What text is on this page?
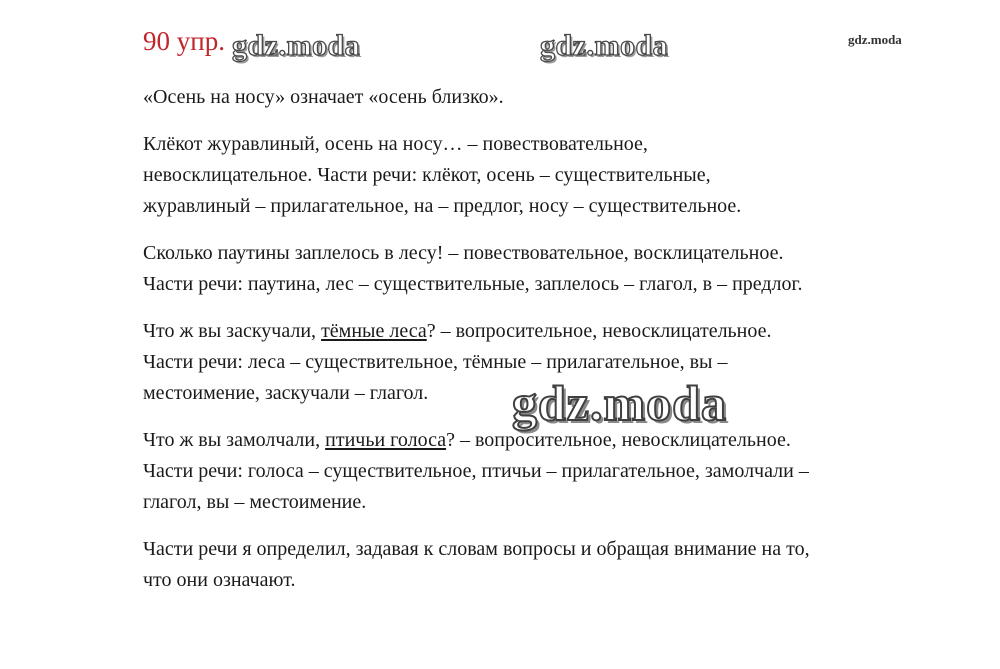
90 упр.
«Осень на носу» означает «осень близко».
Клёкот журавлиный, осень на носу… – повествовательное,
невосклицательное. Части речи: клёкот, осень – существительные,
журавлиный – прилагательное, на – предлог, носу – существительное.
Сколько паутины заплелось в лесу! – повествовательное, восклицательное.
Части речи: паутина, лес – существительные, заплелось – глагол, в – предлог.
Что ж вы заскучали, тёмные леса? – вопросительное, невосклицательное.
Части речи: леса – существительное, тёмные – прилагательное, вы –
местоимение, заскучали – глагол.
Что ж вы замолчали, птичьи голоса? – вопросительное, невосклицательное.
Части речи: голоса – существительное, птичьи – прилагательное, замолчали –
глагол, вы – местоимение.
Части речи я определил, задавая к словам вопросы и обращая внимание на то,
что они означают.
gdz.moda	gdz.moda	gdz.moda
gdz.moda
